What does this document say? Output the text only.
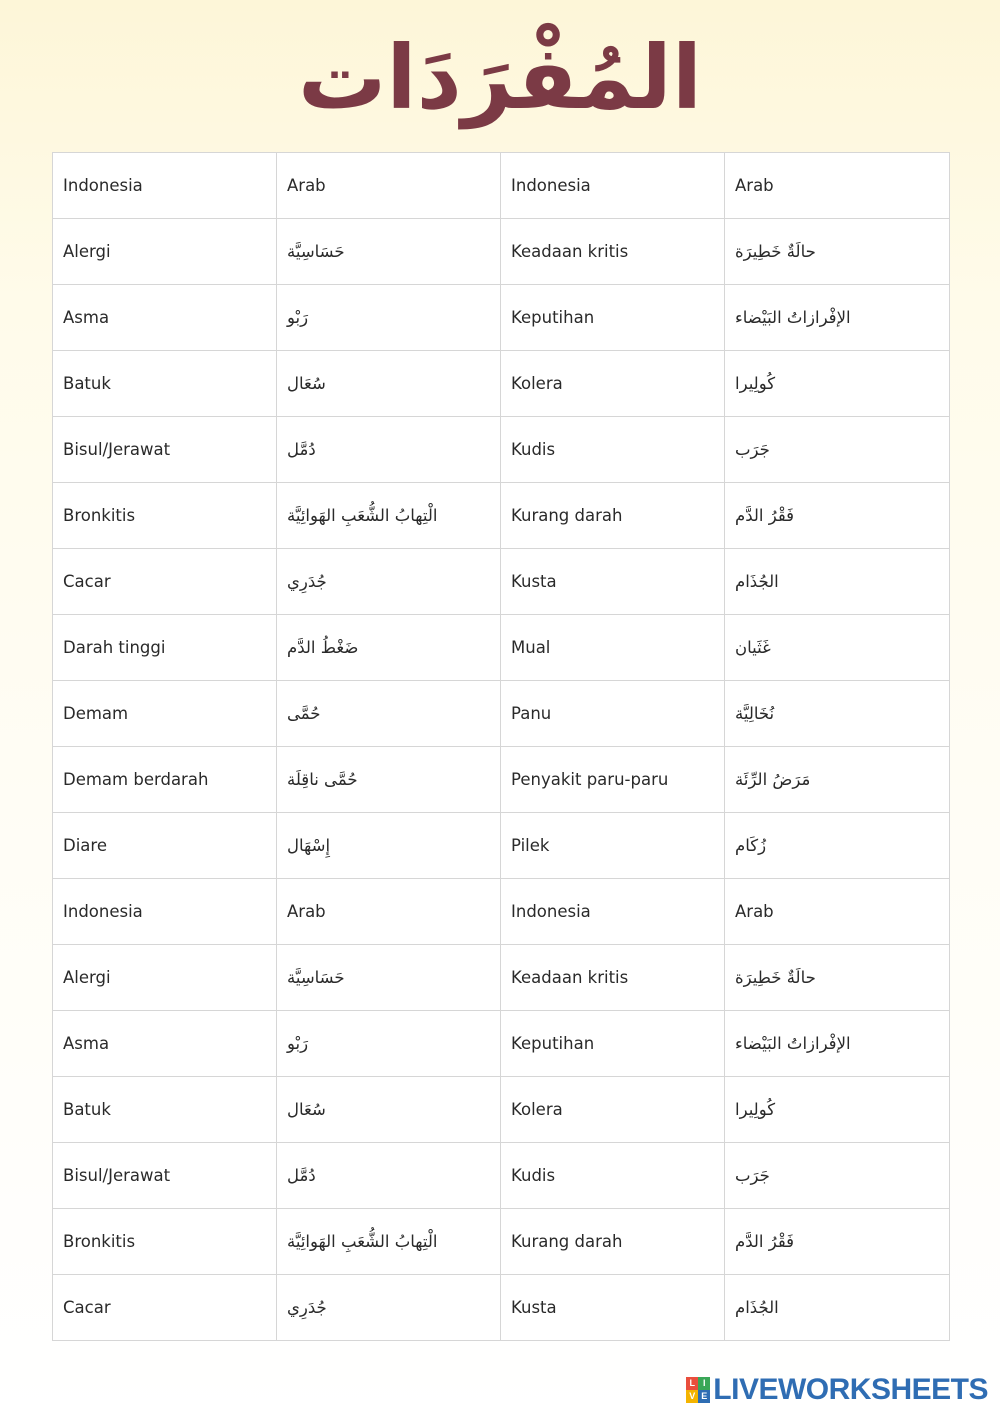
المُفْرَدَات
Indonesia	Arab	Indonesia	Arab
Alergi	حَسَاسِيَّة	Keadaan kritis	حالَةٌ خَطِيرَة
Asma	رَبْو	Keputihan	الإفْرازاتُ البَيْضاء
Batuk	سُعَال	Kolera	كُولِيرا
Bisul/Jerawat	دُمَّل	Kudis	جَرَب
Bronkitis	الْتِهابُ الشُّعَبِ الهَوائِيَّة	Kurang darah	فَقْرُ الدَّم
Cacar	جُدَرِي	Kusta	الجُذَام
Darah tinggi	ضَغْطُ الدَّم	Mual	غَثَيان
Demam	حُمَّى	Panu	نُخَالِيَّة
Demam berdarah	حُمَّى ناقِلَة	Penyakit paru-paru	مَرَضُ الرِّئَة
Diare	إِسْهَال	Pilek	زُكَام
Indonesia	Arab	Indonesia	Arab
Alergi	حَسَاسِيَّة	Keadaan kritis	حالَةٌ خَطِيرَة
Asma	رَبْو	Keputihan	الإفْرازاتُ البَيْضاء
Batuk	سُعَال	Kolera	كُولِيرا
Bisul/Jerawat	دُمَّل	Kudis	جَرَب
Bronkitis	الْتِهابُ الشُّعَبِ الهَوائِيَّة	Kurang darah	فَقْرُ الدَّم
Cacar	جُدَرِي	Kusta	الجُذَام
L I
V E LIVEWORKSHEETS
